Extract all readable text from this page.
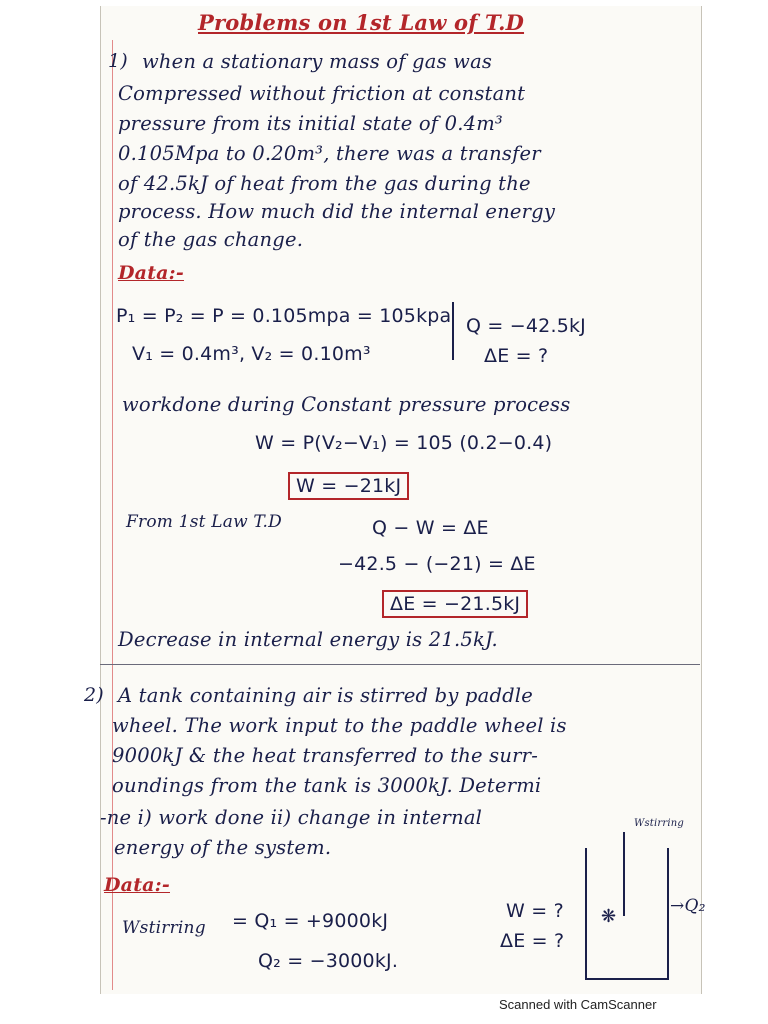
Problems on 1st Law of T.D
1) when a stationary mass of gas was
Compressed without friction at constant
pressure from its initial state of 0.4m³
0.105Mpa to 0.20m³, there was a transfer
of 42.5kJ of heat from the gas during the
process. How much did the internal energy
of the gas change.
Data:-
P₁ = P₂ = P = 0.105mpa = 105kpa
V₁ = 0.4m³, V₂ = 0.10m³
Q = −42.5kJ
ΔE = ?
workdone during Constant pressure process
W = P(V₂−V₁) = 105 (0.2−0.4)
W = −21kJ
From 1st Law T.D	Q − W = ΔE
−42.5 − (−21) = ΔE
ΔE = −21.5kJ
Decrease in internal energy is 21.5kJ.
2) A tank containing air is stirred by paddle
wheel. The work input to the paddle wheel is
9000kJ & the heat transferred to the surr-
oundings from the tank is 3000kJ. Determi
-ne i) work done ii) change in internal
energy of the system.
Data:-
Wstirring = Q₁ = +9000kJ
Q₂ = −3000kJ.
W = ?
ΔE = ?
Wstirring
❋	→Q₂
Scanned with CamScanner
